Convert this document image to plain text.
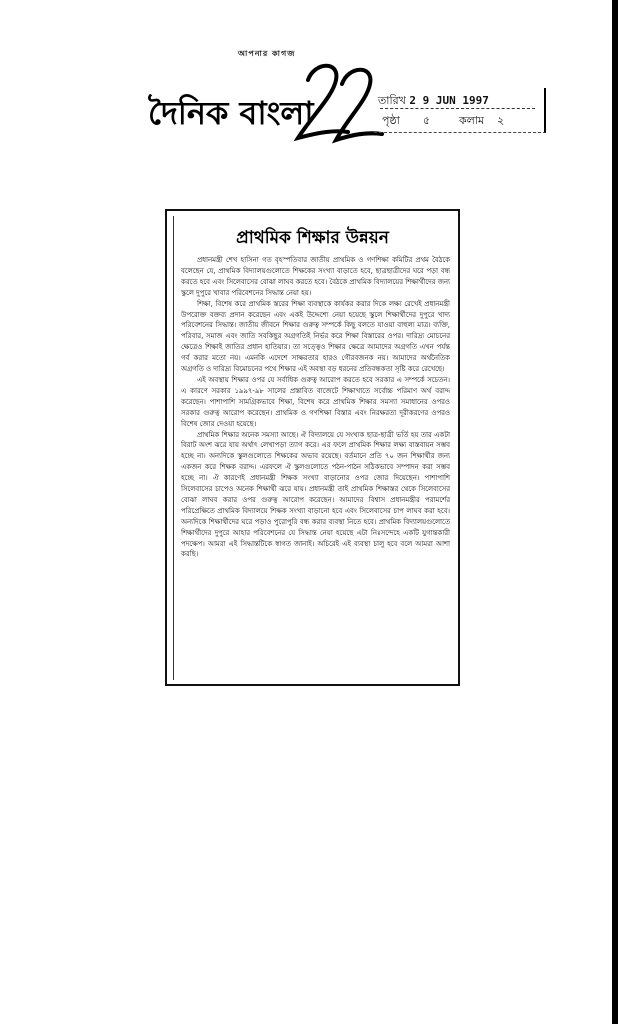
আপনার কাগজ
দৈনিক বাংলা	তারিখ 2 9 JUN 1997
পৃষ্ঠা ৫	কলাম ২
প্রাথমিক শিক্ষার উন্নয়ন

প্রধানমন্ত্রী শেখ হাসিনা গত বৃহস্পতিবার জাতীয় প্রাথমিক ও গণশিক্ষা কমিটির প্রথম বৈঠকে বলেছেন যে, প্রাথমিক বিদ্যালয়গুলোতে শিক্ষকের সংখ্যা বাড়াতে হবে, ছাত্রছাত্রীদের ঘরে পড়া বন্ধ করতে হবে এবং সিলেবাসের বোঝা লাঘব করতে হবে। বৈঠকে প্রাথমিক বিদ্যালয়ের শিক্ষার্থীদের জন্য স্কুলে দুপুরে খাবার পরিবেশনের সিদ্ধান্ত নেয়া হয়।

শিক্ষা, বিশেষ করে প্রাথমিক স্তরের শিক্ষা ব্যবস্থাকে কার্যকর করার দিকে লক্ষ্য রেখেই প্রধানমন্ত্রী উপরোক্ত বক্তব্য প্রদান করেছেন এবং একই উদ্দেশ্যে নেয়া হয়েছে স্কুলে শিক্ষার্থীদের দুপুরে খাদ্য পরিবেশনের সিদ্ধান্ত। জাতীয় জীবনে শিক্ষার গুরুত্ব সম্পর্কে কিছু বলতে যাওয়া বাহুল্য মাত্র। ব্যক্তি, পরিবার, সমাজ এবং জাতি সবকিছুর অগ্রগতিই নির্ভর করে শিক্ষা বিস্তারের ওপর। দারিদ্র্য মোচনের ক্ষেত্রেও শিক্ষাই জাতির প্রধান হাতিয়ার। তা সত্ত্বেও শিক্ষার ক্ষেত্রে আমাদের অগ্রগতি এখন পর্যন্ত গর্ব করার মতো নয়। এমনকি এদেশে সাক্ষরতার হারও গৌরবজনক নয়। আমাদের অর্থনৈতিক অগ্রগতি ও দারিদ্র্য বিমোচনের পথে শিক্ষার এই অবস্থা বড় ধরনের প্রতিবন্ধকতা সৃষ্টি করে রেখেছে।

এই অবস্থায় শিক্ষার ওপর যে সর্বাধিক গুরুত্ব আরোপ করতে হবে সরকার এ সম্পর্কে সচেতন। এ কারণে সরকার ১৯৯৭-৯৮ সালের প্রস্তাবিত বাজেটে শিক্ষাখাতে সর্বোচ্চ পরিমাণ অর্থ বরাদ্দ করেছেন। পাশাপাশি সামগ্রিকভাবে শিক্ষা, বিশেষ করে প্রাথমিক শিক্ষার সমস্যা সমাধানের ওপরও সরকার গুরুত্ব আরোপ করেছেন। প্রাথমিক ও গণশিক্ষা বিস্তার এবং নিরক্ষরতা দূরীকরণের ওপরও বিশেষ জোর দেওয়া হয়েছে।

প্রাথমিক শিক্ষার অনেক সমস্যা আছে। ঐ বিদ্যালয়ে যে সংখ্যক ছাত্র-ছাত্রী ভর্তি হয় তার একটা বিরাট অংশ ঝরে যায় অর্থাৎ লেখাপড়া ত্যাগ করে। এর ফলে প্রাথমিক শিক্ষার লক্ষ্য বাস্তবায়ন সম্ভব হচ্ছে না। অন্যদিকে স্কুলগুলোতে শিক্ষকের অভাব রয়েছে। বর্তমানে প্রতি ৭০ জন শিক্ষার্থীর জন্য একজন করে শিক্ষক বরাদ্দ। এরফলে ঐ স্কুলগুলোতে পঠন-পাঠন সঠিকভাবে সম্পাদন করা সম্ভব হচ্ছে না। ঐ কারণেই প্রধানমন্ত্রী শিক্ষক সংখ্যা বাড়ানোর ওপর জোর দিয়েছেন। পাশাপাশি সিলেবাসের চাপেও অনেক শিক্ষার্থী ঝরে যায়। প্রধানমন্ত্রী তাই প্রাথমিক শিক্ষাস্তর থেকে সিলেবাসের বোঝা লাঘব করার ওপর গুরুত্ব আরোপ করেছেন। আমাদের বিশ্বাস প্রধানমন্ত্রীর পরামর্শের পরিপ্রেক্ষিতে প্রাথমিক বিদ্যালয়ে শিক্ষক সংখ্যা বাড়ানো হবে এবং সিলেবাসের চাপ লাঘব করা হবে। অন্যদিকে শিক্ষার্থীদের ঘরে পড়াও পুরোপুরি বন্ধ করার ব্যবস্থা নিতে হবে। প্রাথমিক বিদ্যালয়গুলোতে শিক্ষার্থীদের দুপুরে আহার পরিবেশনের যে সিদ্ধান্ত নেয়া হয়েছে এটা নিঃসন্দেহে একটি যুগান্তকারী পদক্ষেপ। আমরা এই সিদ্ধান্তটিকে স্বাগত জানাই। অচিরেই এই ব্যবস্থা চালু হবে বলে আমরা আশা করছি।
